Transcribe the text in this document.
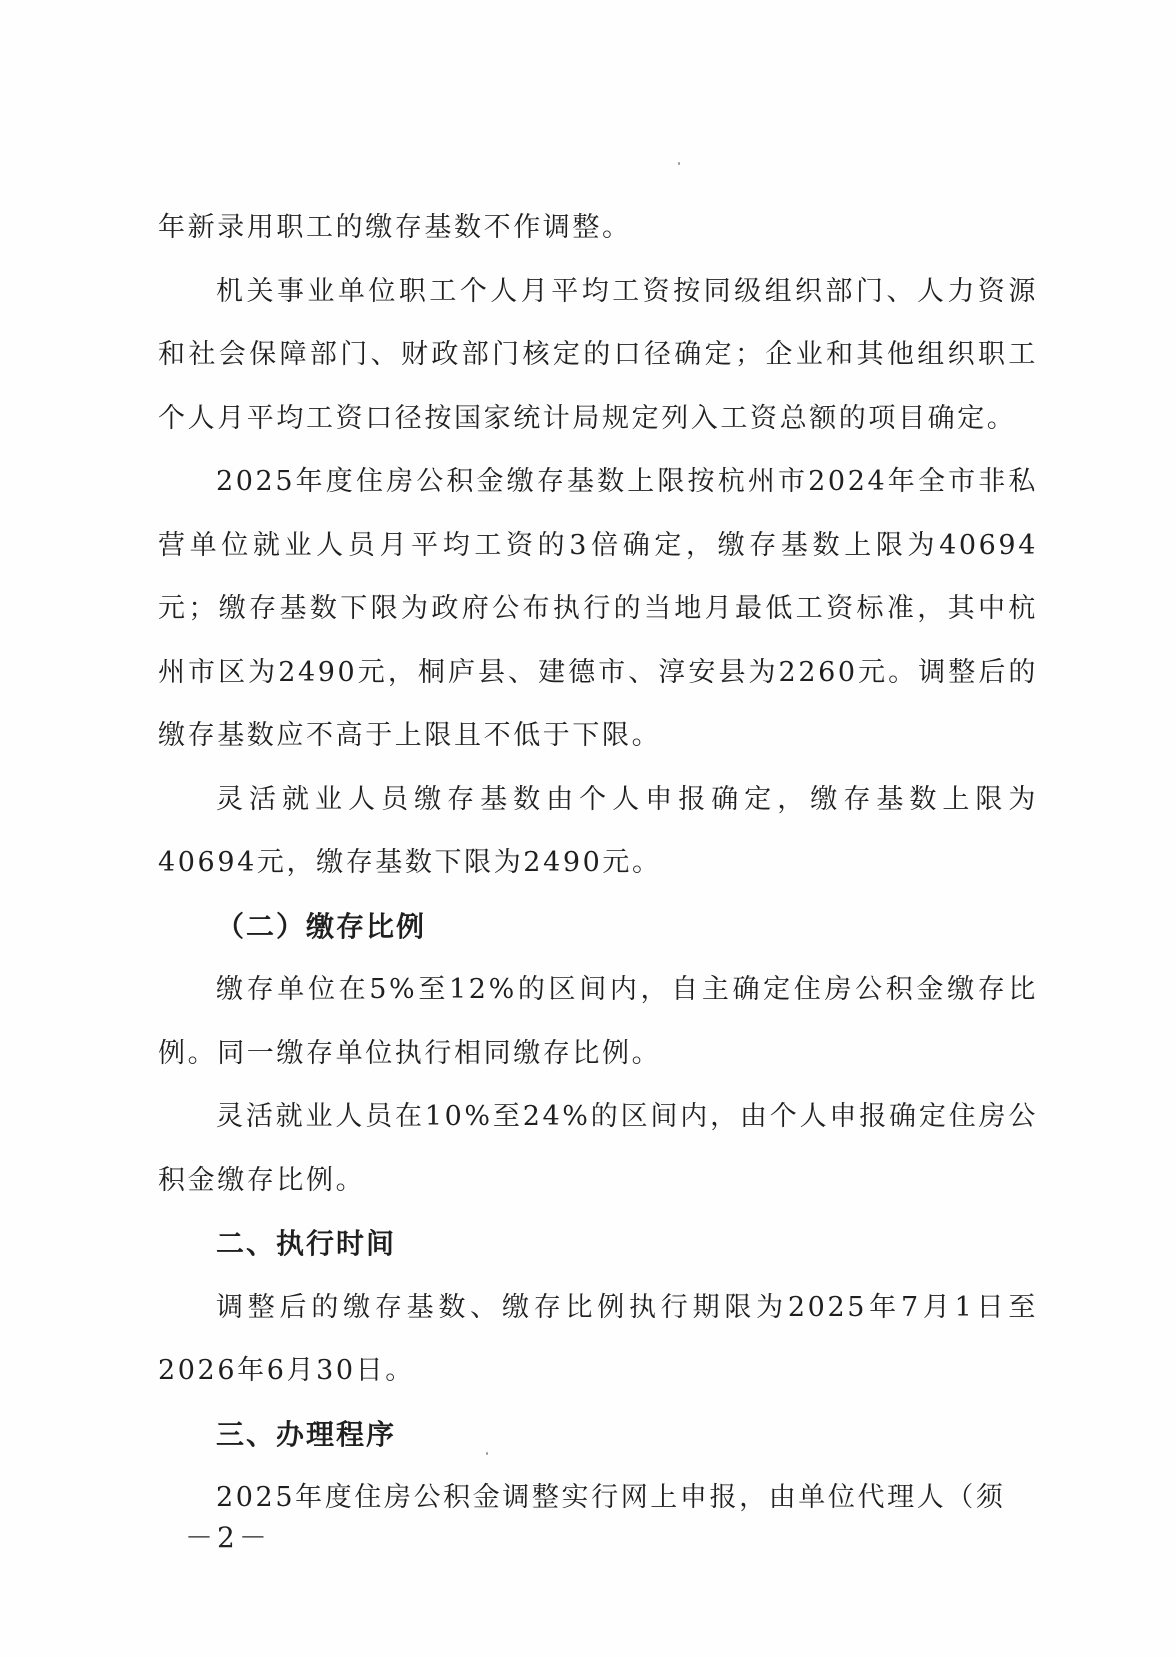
年新录用职工的缴存基数不作调整。

机关事业单位职工个人月平均工资按同级组织部门、人力资源和社会保障部门、财政部门核定的口径确定；企业和其他组织职工个人月平均工资口径按国家统计局规定列入工资总额的项目确定。

2025年度住房公积金缴存基数上限按杭州市2024年全市非私营单位就业人员月平均工资的3倍确定，缴存基数上限为40694元；缴存基数下限为政府公布执行的当地月最低工资标准，其中杭州市区为2490元，桐庐县、建德市、淳安县为2260元。调整后的缴存基数应不高于上限且不低于下限。

灵活就业人员缴存基数由个人申报确定，缴存基数上限为40694元，缴存基数下限为2490元。

（二）缴存比例

缴存单位在5%至12%的区间内，自主确定住房公积金缴存比例。同一缴存单位执行相同缴存比例。

灵活就业人员在10%至24%的区间内，由个人申报确定住房公积金缴存比例。

二、执行时间

调整后的缴存基数、缴存比例执行期限为2025年7月1日至2026年6月30日。

三、办理程序

2025年度住房公积金调整实行网上申报，由单位代理人（须

－2－
